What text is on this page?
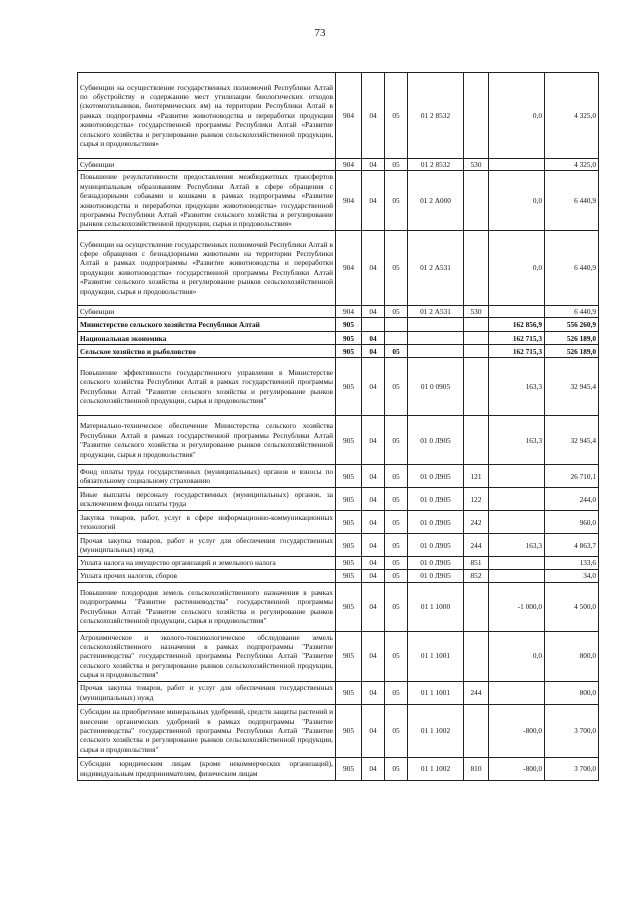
73
Субвенции на осуществление государственных полномочий Республики Алтай по обустройству и содержанию мест утилизации биологических отходов (скотомогильников, биотермических ям) на территории Республики Алтай в рамках подпрограммы «Развитие животноводства и переработки продукции животноводства» государственной программы Республики Алтай «Развитие сельского хозяйства и регулирование рынков сельскохозяйственной продукции, сырья и продовольствия»	904	04	05	01 2 8532		0,0	4 325,0
Субвенции	904	04	05	01 2 8532	530		4 325,0
Повышение результативности предоставления межбюджетных трансфертов муниципальным образованиям Республики Алтай в сфере обращения с безнадзорными собаками и кошками в рамках подпрограммы «Развитие животноводства и переработки продукции животноводства» государственной программы Республики Алтай «Развитие сельского хозяйства и регулирование рынков сельскохозяйственной продукции, сырья и продовольствия»	904	04	05	01 2 А000		0,0	6 440,9
Субвенции на осуществление государственных полномочий Республики Алтай в сфере обращения с безнадзорными животными на территории Республики Алтай в рамках подпрограммы «Развитие животноводства и переработки продукции животноводства» государственной программы Республики Алтай «Развитие сельского хозяйства и регулирование рынков сельскохозяйственной продукции, сырья и продовольствия»	904	04	05	01 2 А531		0,0	6 440,9
Субвенции	904	04	05	01 2 А531	530		6 440,9
Министерство сельского хозяйства Республики Алтай	905					162 856,9	556 260,9
Национальная экономика	905	04				162 715,3	526 189,0
Сельское хозяйство и рыболовство	905	04	05			162 715,3	526 189,0
Повышение эффективности государственного управления в Министерстве сельского хозяйства Республики Алтай в рамках государственной программы Республики Алтай "Развитие сельского хозяйства и регулирование рынков сельскохозяйственной продукции, сырья и продовольствия"	905	04	05	01 0 0905		163,3	32 945,4
Материально-техническое обеспечение Министерства сельского хозяйства Республики Алтай в рамках государственной программы Республики Алтай "Развитие сельского хозяйства и регулирование рынков сельскохозяйственной продукции, сырья и продовольствия"	905	04	05	01 0 Л905		163,3	32 945,4
Фонд оплаты труда государственных (муниципальных) органов и взносы по обязательному социальному страхованию	905	04	05	01 0 Л905	121		26 710,1
Иные выплаты персоналу государственных (муниципальных) органов, за исключением фонда оплаты труда	905	04	05	01 0 Л905	122		244,0
Закупка товаров, работ, услуг в сфере информационно-коммуникационных технологий	905	04	05	01 0 Л905	242		960,0
Прочая закупка товаров, работ и услуг для обеспечения государственных (муниципальных) нужд	905	04	05	01 0 Л905	244	163,3	4 863,7
Уплата налога на имущество организаций и земельного налога	905	04	05	01 0 Л905	851		133,6
Уплата прочих налогов, сборов	905	04	05	01 0 Л905	852		34,0
Повышение плодородия земель сельскохозяйственного назначения в рамках подпрограммы "Развитие растениеводства" государственной программы Республики Алтай "Развитие сельского хозяйства и регулирование рынков сельскохозяйственной продукции, сырья и продовольствия"	905	04	05	01 1 1000		-1 000,0	4 500,0
Агрохимическое и эколого-токсикологическое обследование земель сельскохозяйственного назначения в рамках подпрограммы "Развитие растениеводства" государственной программы Республики Алтай "Развитие сельского хозяйства и регулирование рынков сельскохозяйственной продукции, сырья и продовольствия"	905	04	05	01 1 1001		0,0	800,0
Прочая закупка товаров, работ и услуг для обеспечения государственных (муниципальных) нужд	905	04	05	01 1 1001	244		800,0
Субсидии на приобретение минеральных удобрений, средств защиты растений и внесение органических удобрений в рамках подпрограммы "Развитие растениеводства" государственной программы Республики Алтай "Развитие сельского хозяйства и регулирование рынков сельскохозяйственной продукции, сырья и продовольствия"	905	04	05	01 1 1002		-800,0	3 700,0
Субсидии юридическим лицам (кроме некоммерческих организаций), индивидуальным предпринимателям, физическим лицам	905	04	05	01 1 1002	810	-800,0	3 700,0
